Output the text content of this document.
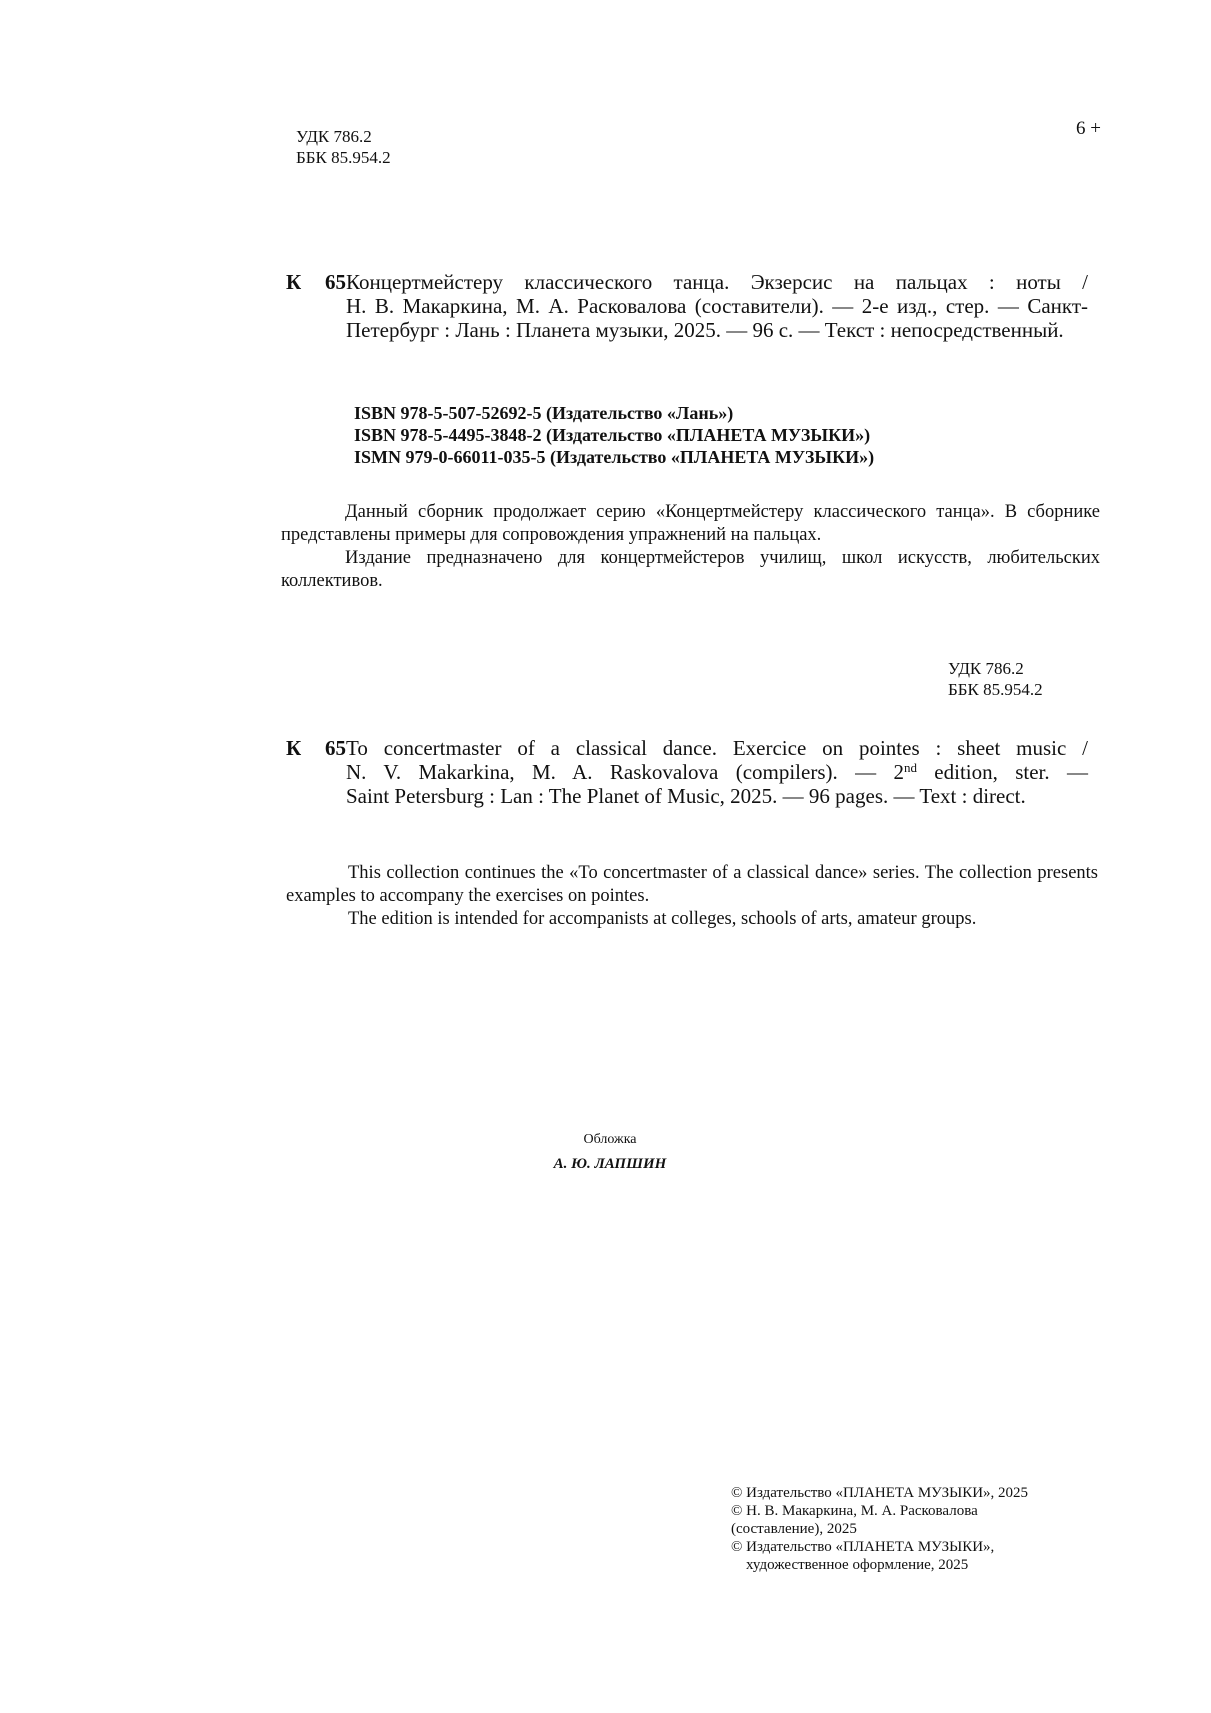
УДК 786.2
ББК 85.954.2
6 +
К 65Концертмейстеру классического танца. Экзерсис на пальцах : ноты /
Н. В. Макаркина, М. А. Расковалова (составители). — 2-е изд., стер. — Санкт-Петербург : Лань : Планета музыки, 2025. — 96 с. — Текст : непосредственный.
ISBN 978-5-507-52692-5 (Издательство «Лань»)
ISBN 978-5-4495-3848-2 (Издательство «ПЛАНЕТА МУЗЫКИ»)
ISMN 979-0-66011-035-5 (Издательство «ПЛАНЕТА МУЗЫКИ»)

Данный сборник продолжает серию «Концертмейстеру классического танца». В сборнике представлены примеры для сопровождения упражнений на пальцах.

Издание предназначено для концертмейстеров училищ, школ искусств, любительских коллективов.

УДК 786.2
ББК 85.954.2
К 65To concertmaster of a classical dance. Exercice on pointes : sheet music /
N. V. Makarkina, M. A. Raskovalova (compilers). — 2nd edition, ster. —
Saint Petersburg : Lan : The Planet of Music, 2025. — 96 pages. — Text : direct.

This collection continues the «To concertmaster of a classical dance» series. The collection presents examples to accompany the exercises on pointes.

The edition is intended for accompanists at colleges, schools of arts, amateur groups.

Обложка
А. Ю. ЛАПШИН
© Издательство «ПЛАНЕТА МУЗЫКИ», 2025
© Н. В. Макаркина, М. А. Расковалова
(составление), 2025
© Издательство «ПЛАНЕТА МУЗЫКИ»,
художественное оформление, 2025
